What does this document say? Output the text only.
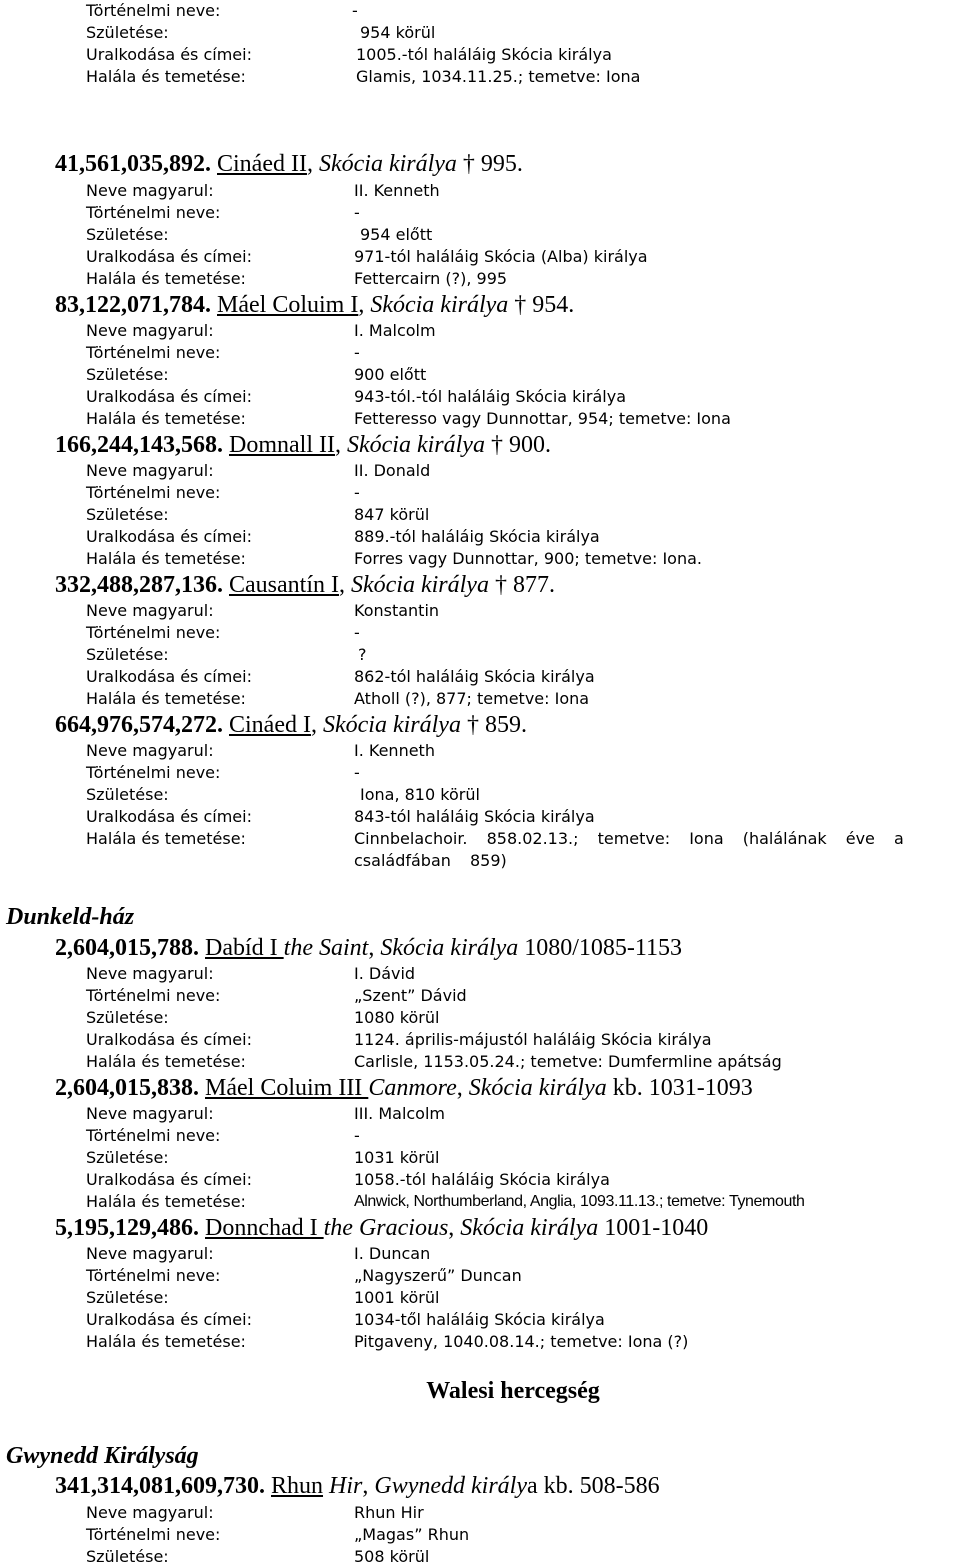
Történelmi neve:	-
Születése:	954 körül
Uralkodása és címei:	1005.-tól haláláig Skócia királya
Halála és temetése:	Glamis, 1034.11.25.; temetve: Iona
41,561,035,892. Cináed II, Skócia királya † 995.
Neve magyarul:	II. Kenneth
Történelmi neve:	-
Születése:	954 előtt
Uralkodása és címei:	971-tól haláláig Skócia (Alba) királya
Halála és temetése:	Fettercairn (?), 995
83,122,071,784. Máel Coluim I, Skócia királya † 954.
Neve magyarul:	I. Malcolm
Történelmi neve:	-
Születése:	900 előtt
Uralkodása és címei:	943-tól.-tól haláláig Skócia királya
Halála és temetése:	Fetteresso vagy Dunnottar, 954; temetve: Iona
166,244,143,568. Domnall II, Skócia királya † 900.
Neve magyarul:	II. Donald
Történelmi neve:	-
Születése:	847 körül
Uralkodása és címei:	889.-tól haláláig Skócia királya
Halála és temetése:	Forres vagy Dunnottar, 900; temetve: Iona.
332,488,287,136. Causantín I, Skócia királya † 877.
Neve magyarul:	Konstantin
Történelmi neve:	-
Születése:	?
Uralkodása és címei:	862-tól haláláig Skócia királya
Halála és temetése:	Atholl (?), 877; temetve: Iona
664,976,574,272. Cináed I, Skócia királya † 859.
Neve magyarul:	I. Kenneth
Történelmi neve:	-
Születése:	Iona, 810 körül
Uralkodása és címei:	843-tól haláláig Skócia királya
Halála és temetése:	Cinnbelachoir. 858.02.13.; temetve: Iona (halálának éve a családfában 859)
Dunkeld-ház
2,604,015,788. Dabíd I the Saint, Skócia királya 1080/1085-1153
Neve magyarul:	I. Dávid
Történelmi neve:	„Szent” Dávid
Születése:	1080 körül
Uralkodása és címei:	1124. április-májustól haláláig Skócia királya
Halála és temetése:	Carlisle, 1153.05.24.; temetve: Dumfermline apátság
2,604,015,838. Máel Coluim III Canmore, Skócia királya kb. 1031-1093
Neve magyarul:	III. Malcolm
Történelmi neve:	-
Születése:	1031 körül
Uralkodása és címei:	1058.-tól haláláig Skócia királya
Halála és temetése:	Alnwick, Northumberland, Anglia, 1093.11.13.; temetve: Tynemouth
5,195,129,486. Donnchad I the Gracious, Skócia királya 1001-1040
Neve magyarul:	I. Duncan
Történelmi neve:	„Nagyszerű” Duncan
Születése:	1001 körül
Uralkodása és címei:	1034-től haláláig Skócia királya
Halála és temetése:	Pitgaveny, 1040.08.14.; temetve: Iona (?)
Walesi hercegség
Gwynedd Királyság
341,314,081,609,730. Rhun Hir, Gwynedd királya kb. 508-586
Neve magyarul:	Rhun Hir
Történelmi neve:	„Magas” Rhun
Születése:	508 körül
